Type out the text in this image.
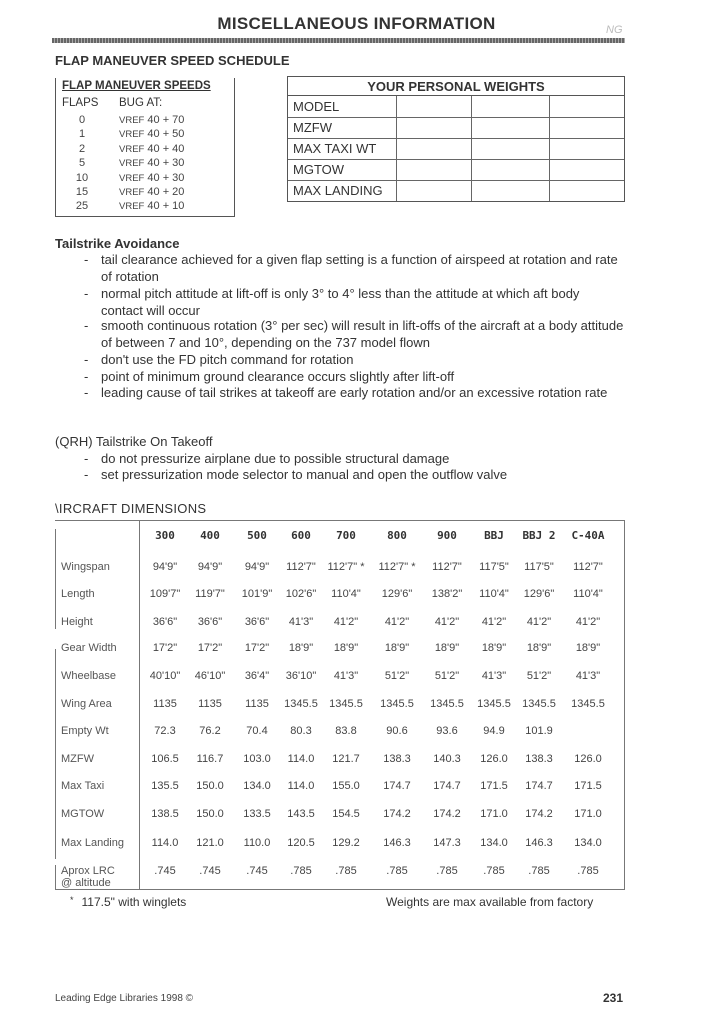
MISCELLANEOUS INFORMATION	NG
FLAP MANEUVER SPEED SCHEDULE
FLAP MANEUVER SPEEDS
FLAPS BUG AT:
0	VREF 40 + 70
1	VREF 40 + 50
2	VREF 40 + 40
5	VREF 40 + 30
10	VREF 40 + 30
15	VREF 40 + 20
25	VREF 40 + 10
YOUR PERSONAL WEIGHTS
MODEL
MZFW
MAX TAXI WT
MGTOW
MAX LANDING
Tailstrike Avoidance
- tail clearance achieved for a given flap setting is a function of airspeed at rotation and rate of rotation
- normal pitch attitude at lift-off is only 3° to 4° less than the attitude at which aft body contact will occur
- smooth continuous rotation (3° per sec) will result in lift-offs of the aircraft at a body attitude of between 7 and 10°, depending on the 737 model flown
- don't use the FD pitch command for rotation
- point of minimum ground clearance occurs slightly after lift-off
- leading cause of tail strikes at takeoff are early rotation and/or an excessive rotation rate
(QRH) Tailstrike On Takeoff
- do not pressurize airplane due to possible structural damage
- set pressurization mode selector to manual and open the outflow valve
\IRCRAFT DIMENSIONS
300	400	500	600	700	800	900	BBJ	BBJ 2	C-40A
Wingspan	94'9"	94'9"	94'9"	112'7"	112'7" *	112'7" *	112'7"	117'5"	117'5"	112'7"
Length	109'7"	119'7"	101'9"	102'6"	110'4"	129'6"	138'2"	110'4"	129'6"	110'4"
Height	36'6"	36'6"	36'6"	41'3"	41'2"	41'2"	41'2"	41'2"	41'2"	41'2"
Gear Width	17'2"	17'2"	17'2"	18'9"	18'9"	18'9"	18'9"	18'9"	18'9"	18'9"
Wheelbase	40'10"	46'10"	36'4"	36'10"	41'3"	51'2"	51'2"	41'3"	51'2"	41'3"
Wing Area	1135	1135	1135	1345.5	1345.5	1345.5	1345.5	1345.5	1345.5	1345.5
Empty Wt	72.3	76.2	70.4	80.3	83.8	90.6	93.6	94.9	101.9
MZFW	106.5	116.7	103.0	114.0	121.7	138.3	140.3	126.0	138.3	126.0
Max Taxi	135.5	150.0	134.0	114.0	155.0	174.7	174.7	171.5	174.7	171.5
MGTOW	138.5	150.0	133.5	143.5	154.5	174.2	174.2	171.0	174.2	171.0
Max Landing	114.0	121.0	110.0	120.5	129.2	146.3	147.3	134.0	146.3	134.0
Aprox LRC
@ altitude
.745	.745	.745	.785	.785	.785	.785	.785	.785	.785
* 117.5" with winglets	Weights are max available from factory
Leading Edge Libraries 1998 ©	231
